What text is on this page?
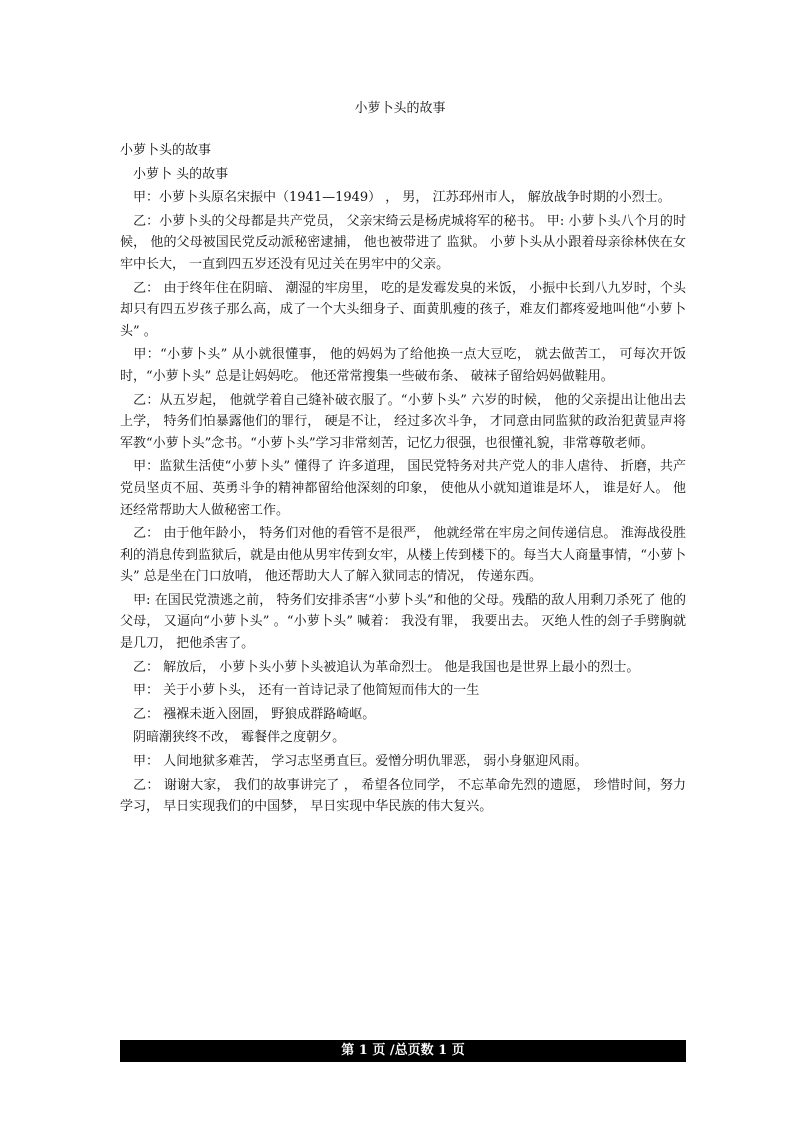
小萝卜头的故事

小萝卜头的故事

　小萝卜 头的故事

　甲：小萝卜头原名宋振中（1941—1949） ， 男， 江苏邳州市人， 解放战争时期的小烈士。

　乙：小萝卜头的父母都是共产党员， 父亲宋绮云是杨虎城将军的秘书。 甲: 小萝卜头八个月的时候， 他的父母被国民党反动派秘密逮捕， 他也被带进了 监狱。 小萝卜头从小跟着母亲徐林侠在女牢中长大， 一直到四五岁还没有见过关在男牢中的父亲。

　乙： 由于终年住在阴暗、 潮湿的牢房里， 吃的是发霉发臭的米饭， 小振中长到八九岁时，个头却只有四五岁孩子那么高，成了一个大头细身子、面黄肌瘦的孩子，难友们都疼爱地叫他“小萝卜头” 。

　甲：“小萝卜头” 从小就很懂事， 他的妈妈为了给他换一点大豆吃， 就去做苦工， 可每次开饭时，“小萝卜头” 总是让妈妈吃。 他还常常搜集一些破布条、 破袜子留给妈妈做鞋用。

　乙：从五岁起， 他就学着自己缝补破衣服了。“小萝卜头” 六岁的时候， 他的父亲提出让他出去上学， 特务们怕暴露他们的罪行， 硬是不让， 经过多次斗争， 才同意由同监狱的政治犯黄显声将军教“小萝卜头”念书。“小萝卜头”学习非常刻苦，记忆力很强，也很懂礼貌，非常尊敬老师。

　甲：监狱生活使“小萝卜头” 懂得了 许多道理， 国民党特务对共产党人的非人虐待、 折磨，共产党员坚贞不屈、英勇斗争的精神都留给他深刻的印象， 使他从小就知道谁是坏人， 谁是好人。 他还经常帮助大人做秘密工作。

　乙： 由于他年龄小， 特务们对他的看管不是很严， 他就经常在牢房之间传递信息。 淮海战役胜利的消息传到监狱后，就是由他从男牢传到女牢，从楼上传到楼下的。每当大人商量事情，“小萝卜头” 总是坐在门口放哨， 他还帮助大人了解入狱同志的情况， 传递东西。

　甲: 在国民党溃逃之前， 特务们安排杀害“小萝卜头”和他的父母。残酷的敌人用剩刀杀死了 他的父母， 又逼向“小萝卜头” 。“小萝卜头” 喊着： 我没有罪， 我要出去。 灭绝人性的刽子手劈胸就是几刀， 把他杀害了。

　乙： 解放后， 小萝卜头小萝卜头被追认为革命烈士。 他是我国也是世界上最小的烈士。

　甲： 关于小萝卜头， 还有一首诗记录了他简短而伟大的一生

　乙： 襁褓未逝入囹圄， 野狼成群路崎岖。

　阴暗潮狭终不改， 霉餐伴之度朝夕。

　甲： 人间地狱多难苦， 学习志坚勇直巨。爱憎分明仇罪恶， 弱小身躯迎风雨。

　乙： 谢谢大家， 我们的故事讲完了 ， 希望各位同学， 不忘革命先烈的遗愿， 珍惜时间，努力学习， 早日实现我们的中国梦， 早日实现中华民族的伟大复兴。

第 1 页 /总页数 1 页
